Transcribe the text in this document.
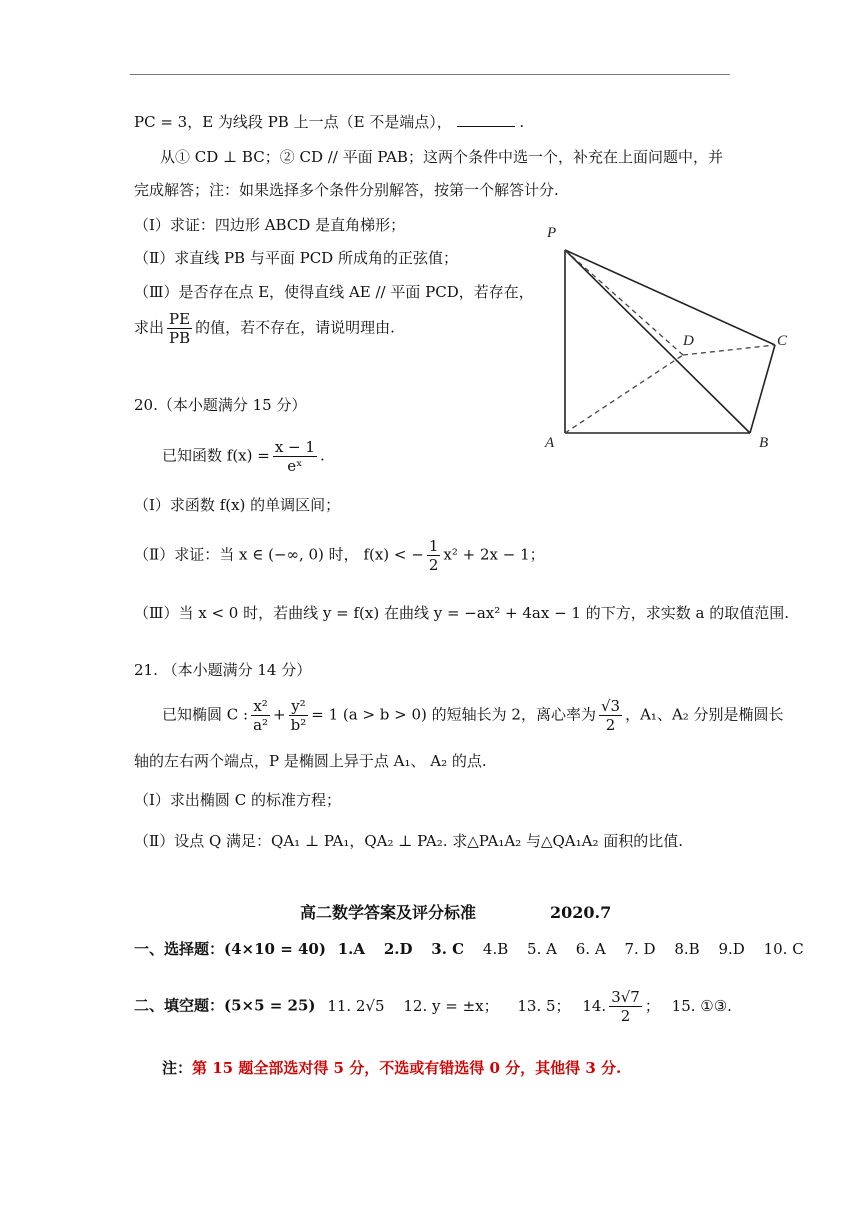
PC = 3，E 为线段 PB 上一点（E 不是端点），	.
从① CD ⊥ BC；② CD // 平面 PAB；这两个条件中选一个，补充在上面问题中，并
完成解答；注：如果选择多个条件分别解答，按第一个解答计分.
（Ⅰ）求证：四边形 ABCD 是直角梯形；
（Ⅱ）求直线 PB 与平面 PCD 所成角的正弦值；
（Ⅲ）是否存在点 E，使得直线 AE // 平面 PCD，若存在，
求出 $\frac{PE}{PB}$ 的值，若不存在，请说明理由.
P
A	B
C
D
20.（本小题满分 15 分）
已知函数 $f(x) = \frac{x - 1}{\text{eˣ}}$ .
（Ⅰ）求函数 f(x) 的单调区间；
（Ⅱ）求证：当 x ∈ (−∞, 0) 时， f(x) < − $\frac{1}{2} x^2 + 2x - 1$；
（Ⅲ）当 x < 0 时，若曲线 y = f(x) 在曲线 y = −ax² + 4ax − 1 的下方，求实数 a 的取值范围.
21. （本小题满分 14 分）
已知椭圆 C : $\frac{\text{x²}}{\text{a²}} + \frac{\text{y²}}{\text{b²}} = 1$ (a > b > 0) 的短轴长为 2，离心率为 $\frac{√3}{2}$ ，A₁、A₂ 分别是椭圆长
轴的左右两个端点，P 是椭圆上异于点 A₁、 A₂ 的点.
（Ⅰ）求出椭圆 C 的标准方程；
（Ⅱ）设点 Q 满足：QA₁ ⊥ PA₁，QA₂ ⊥ PA₂. 求△PA₁A₂ 与△QA₁A₂ 面积的比值.
高二数学答案及评分标准	2020.7
一、选择题：(4×10 = 40) 1.A 2.D 3. C 4.B 5. A 6. A 7. D 8.B 9.D 10. C
二、填空题：(5×5 = 25) 11. 2√5 12. y = ±x； 13. 5； 14. $\frac{3√7}{2}$ ； 15. ①③.
注：第 15 题全部选对得 5 分，不选或有错选得 0 分，其他得 3 分.
